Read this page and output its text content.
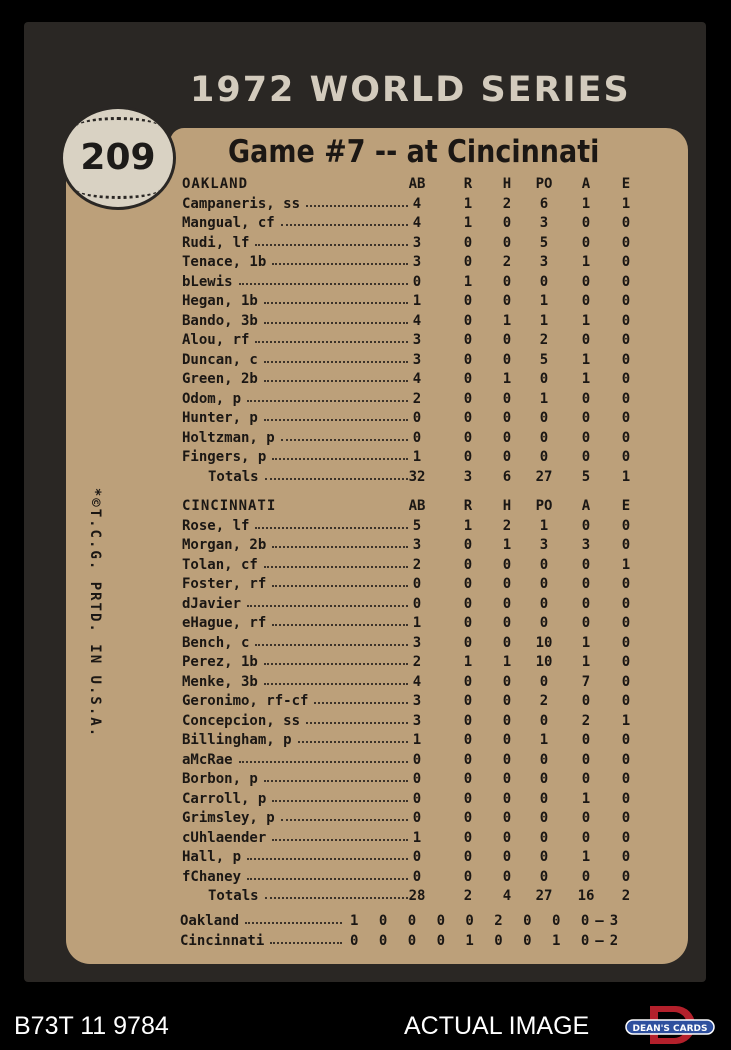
1972 WORLD SERIES
209	Game #7 -- at Cincinnati
*©T.C.G. PRTD. IN U.S.A.
OAKLAND	AB	R	H	PO	A	E
Campaneris, ss	4	1	2	6	1	1
Mangual, cf	4	1	0	3	0	0
Rudi, lf	3	0	0	5	0	0
Tenace, 1b	3	0	2	3	1	0
bLewis	0	1	0	0	0	0
Hegan, 1b	1	0	0	1	0	0
Bando, 3b	4	0	1	1	1	0
Alou, rf	3	0	0	2	0	0
Duncan, c	3	0	0	5	1	0
Green, 2b	4	0	1	0	1	0
Odom, p	2	0	0	1	0	0
Hunter, p	0	0	0	0	0	0
Holtzman, p	0	0	0	0	0	0
Fingers, p	1	0	0	0	0	0
Totals	32	3	6	27	5	1
CINCINNATI	AB	R	H	PO	A	E
Rose, lf	5	1	2	1	0	0
Morgan, 2b	3	0	1	3	3	0
Tolan, cf	2	0	0	0	0	1
Foster, rf	0	0	0	0	0	0
dJavier	0	0	0	0	0	0
eHague, rf	1	0	0	0	0	0
Bench, c	3	0	0	10	1	0
Perez, 1b	2	1	1	10	1	0
Menke, 3b	4	0	0	0	7	0
Geronimo, rf-cf	3	0	0	2	0	0
Concepcion, ss	3	0	0	0	2	1
Billingham, p	1	0	0	1	0	0
aMcRae	0	0	0	0	0	0
Borbon, p	0	0	0	0	0	0
Carroll, p	0	0	0	0	1	0
Grimsley, p	0	0	0	0	0	0
cUhlaender	1	0	0	0	0	0
Hall, p	0	0	0	0	1	0
fChaney	0	0	0	0	0	0
Totals	28	2	4	27	16	2
Oakland	1 0 0 0 0 2 0 0 0—3
Cincinnati	0 0 0 0 1 0 0 1 0—2
B73T 11 9784	ACTUAL IMAGE	DEAN'S CARDS
